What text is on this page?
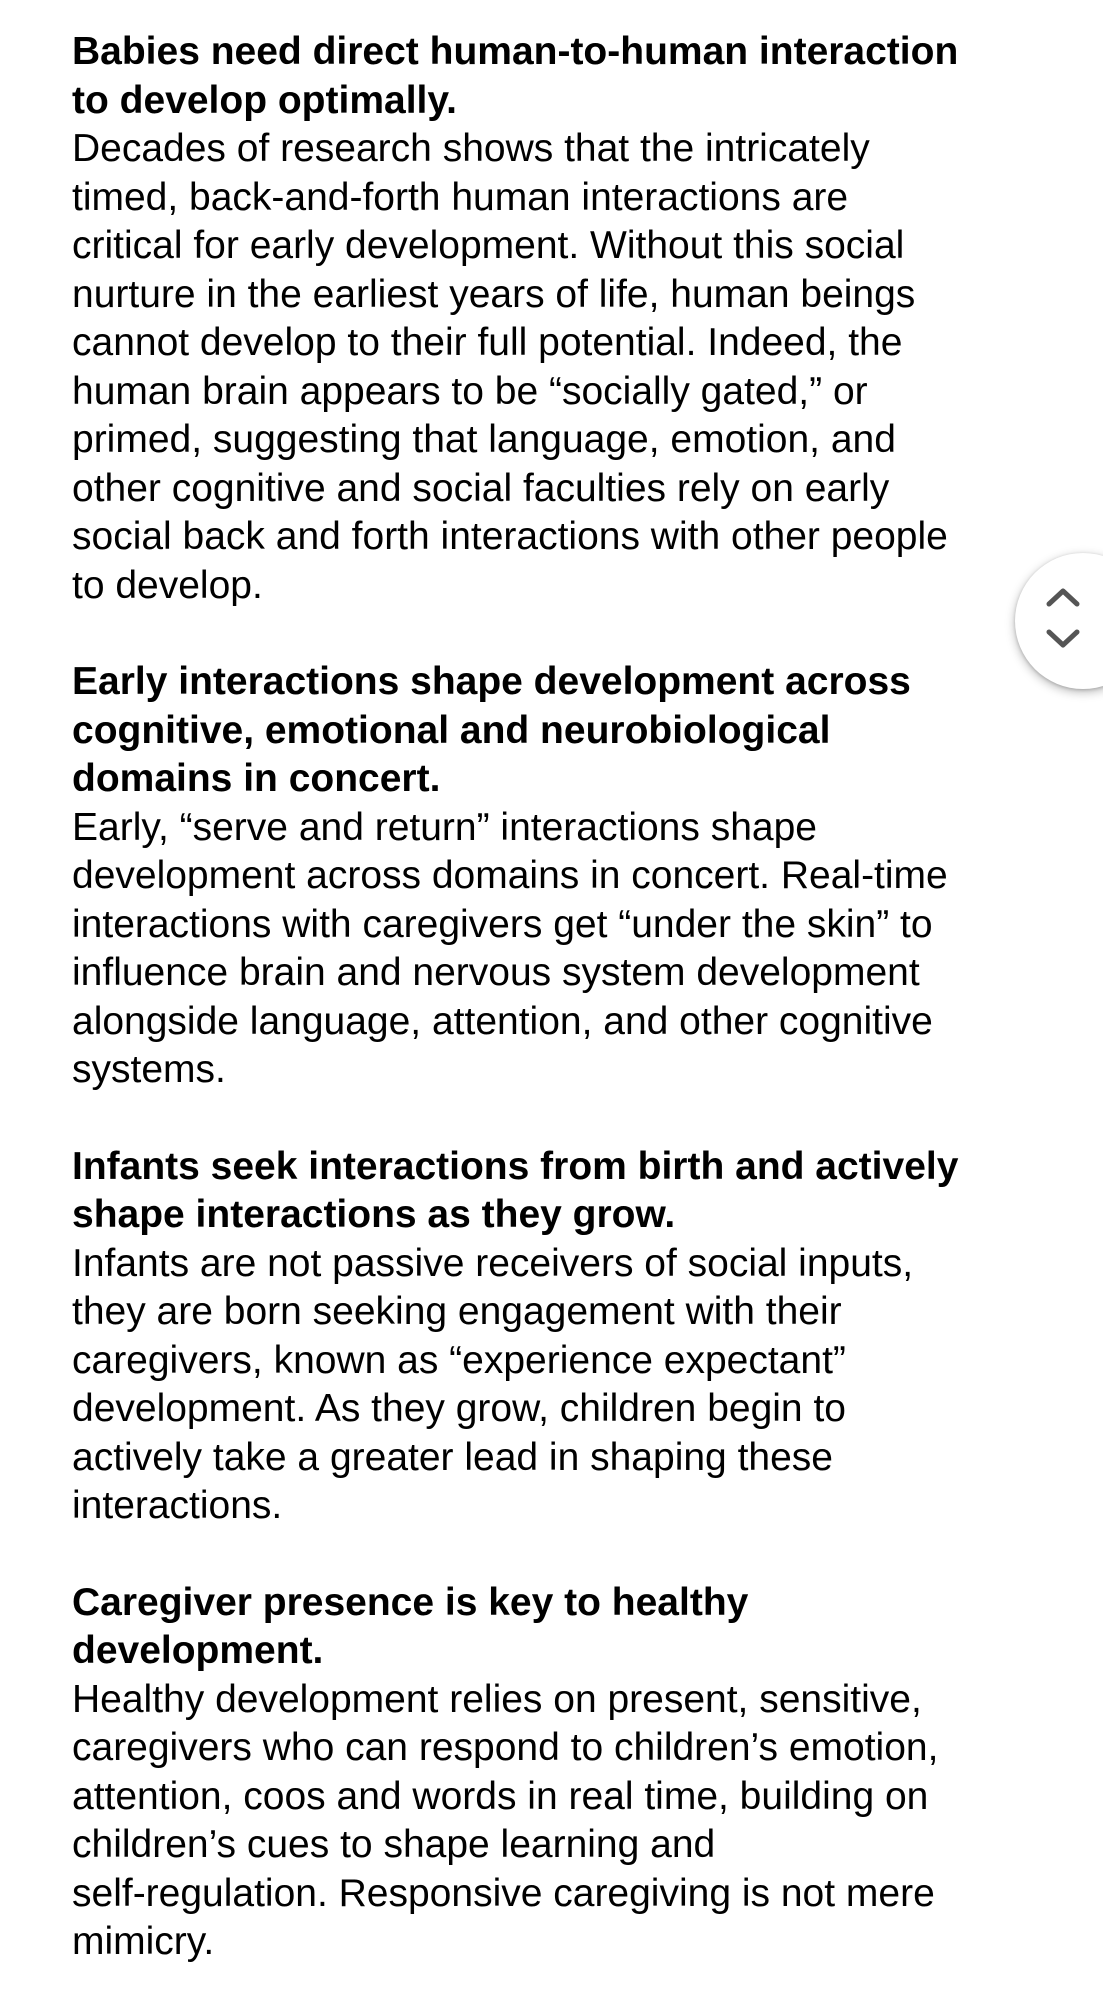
Babies need direct human-to-human interaction
to develop optimally.

Decades of research shows that the intricately
timed, back-and-forth human interactions are
critical for early development. Without this social
nurture in the earliest years of life, human beings
cannot develop to their full potential. Indeed, the
human brain appears to be “socially gated,” or
primed, suggesting that language, emotion, and
other cognitive and social faculties rely on early
social back and forth interactions with other people
to develop.

Early interactions shape development across
cognitive, emotional and neurobiological
domains in concert.

Early, “serve and return” interactions shape
development across domains in concert. Real-time
interactions with caregivers get “under the skin” to
influence brain and nervous system development
alongside language, attention, and other cognitive
systems.

Infants seek interactions from birth and actively
shape interactions as they grow.

Infants are not passive receivers of social inputs,
they are born seeking engagement with their
caregivers, known as “experience expectant”
development. As they grow, children begin to
actively take a greater lead in shaping these
interactions.

Caregiver presence is key to healthy
development.

Healthy development relies on present, sensitive,
caregivers who can respond to children’s emotion,
attention, coos and words in real time, building on
children’s cues to shape learning and
self-regulation. Responsive caregiving is not mere
mimicry.
